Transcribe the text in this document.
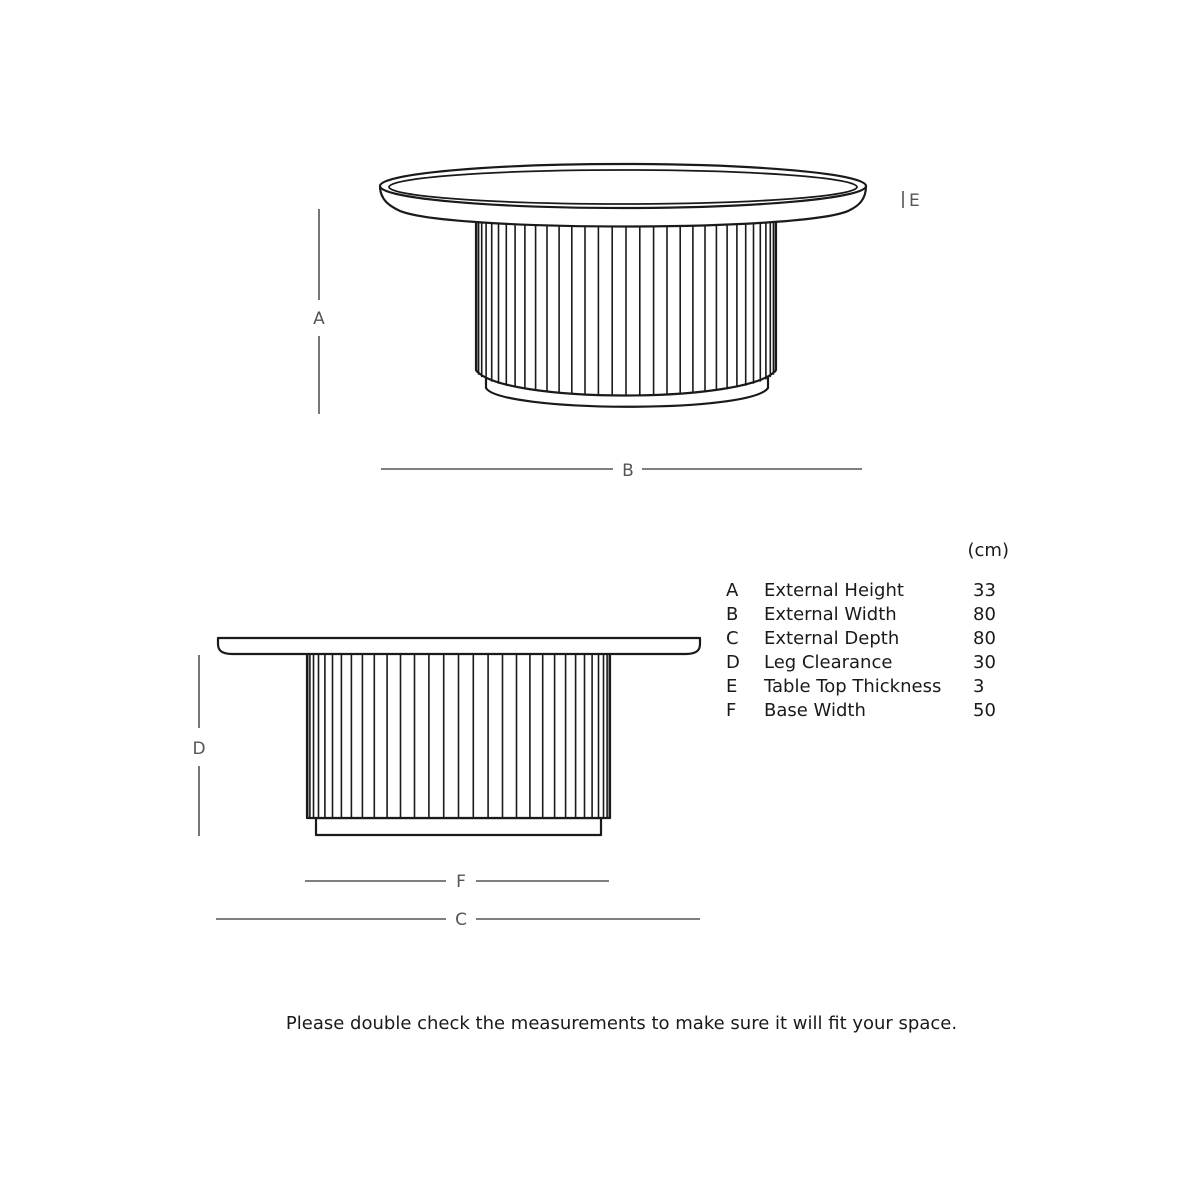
A
B
E
D
F
C
(cm)
A External Height	33
B External Width	80
C External Depth	80
D Leg Clearance	30
E Table Top Thickness 3
F Base Width	50
Please double check the measurements to make sure it will fit your space.
